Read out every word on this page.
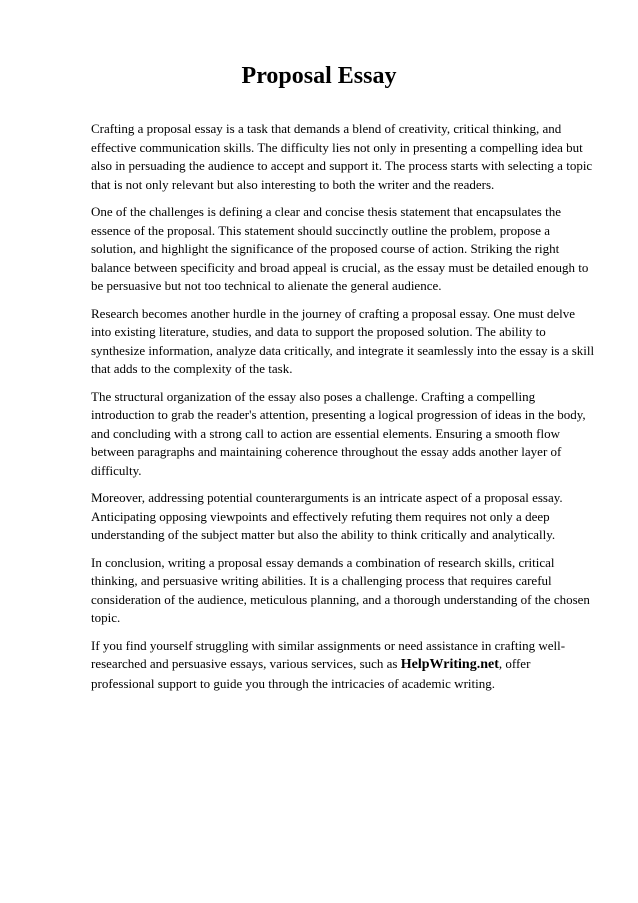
Proposal Essay

Crafting a proposal essay is a task that demands a blend of creativity, critical thinking, and effective communication skills. The difficulty lies not only in presenting a compelling idea but also in persuading the audience to accept and support it. The process starts with selecting a topic that is not only relevant but also interesting to both the writer and the readers.

One of the challenges is defining a clear and concise thesis statement that encapsulates the essence of the proposal. This statement should succinctly outline the problem, propose a solution, and highlight the significance of the proposed course of action. Striking the right balance between specificity and broad appeal is crucial, as the essay must be detailed enough to be persuasive but not too technical to alienate the general audience.

Research becomes another hurdle in the journey of crafting a proposal essay. One must delve into existing literature, studies, and data to support the proposed solution. The ability to synthesize information, analyze data critically, and integrate it seamlessly into the essay is a skill that adds to the complexity of the task.

The structural organization of the essay also poses a challenge. Crafting a compelling introduction to grab the reader's attention, presenting a logical progression of ideas in the body, and concluding with a strong call to action are essential elements. Ensuring a smooth flow between paragraphs and maintaining coherence throughout the essay adds another layer of difficulty.

Moreover, addressing potential counterarguments is an intricate aspect of a proposal essay. Anticipating opposing viewpoints and effectively refuting them requires not only a deep understanding of the subject matter but also the ability to think critically and analytically.

In conclusion, writing a proposal essay demands a combination of research skills, critical thinking, and persuasive writing abilities. It is a challenging process that requires careful consideration of the audience, meticulous planning, and a thorough understanding of the chosen topic.

If you find yourself struggling with similar assignments or need assistance in crafting well-researched and persuasive essays, various services, such as HelpWriting.net, offer professional support to guide you through the intricacies of academic writing.
